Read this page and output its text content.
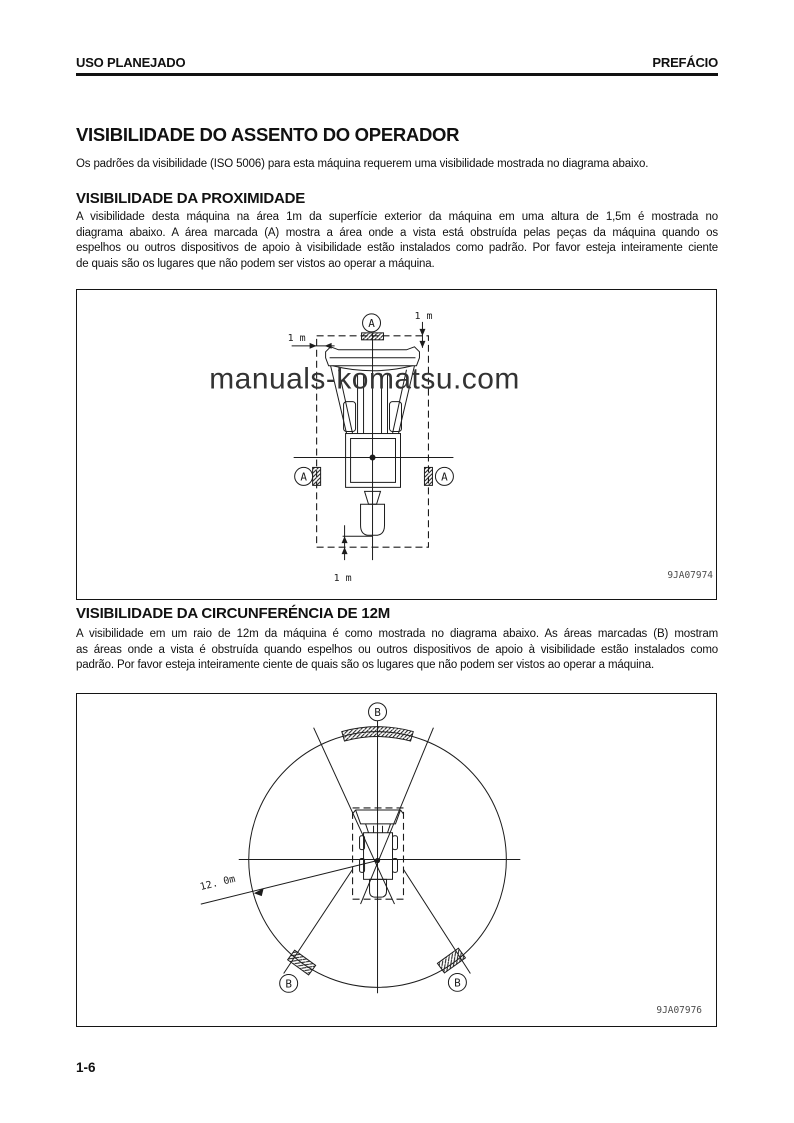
USO PLANEJADO	PREFÁCIO
VISIBILIDADE DO ASSENTO DO OPERADOR
Os padrões da visibilidade (ISO 5006) para esta máquina requerem uma visibilidade mostrada no diagrama abaixo.
VISIBILIDADE DA PROXIMIDADE
A visibilidade desta máquina na área 1m da superfície exterior da máquina em uma altura de 1,5m é mostrada no
diagrama abaixo. A área marcada (A) mostra a área onde a vista está obstruída pelas peças da máquina quando os
espelhos ou outros dispositivos de apoio à visibilidade estão instalados como padrão. Por favor esteja inteiramente ciente
de quais são os lugares que não podem ser vistos ao operar a máquina.
A
1 m
1 m
A	A
1 m
manuals-komatsu.com
9JA07974
VISIBILIDADE DA CIRCUNFERÉNCIA DE 12M
A visibilidade em um raio de 12m da máquina é como mostrada no diagrama abaixo. As áreas marcadas (B) mostram
as áreas onde a vista é obstruída quando espelhos ou outros dispositivos de apoio à visibilidade estão instalados como
padrão. Por favor esteja inteiramente ciente de quais são os lugares que não podem ser vistos ao operar a máquina.
B
B	B
12. 0m
9JA07976
1-6
